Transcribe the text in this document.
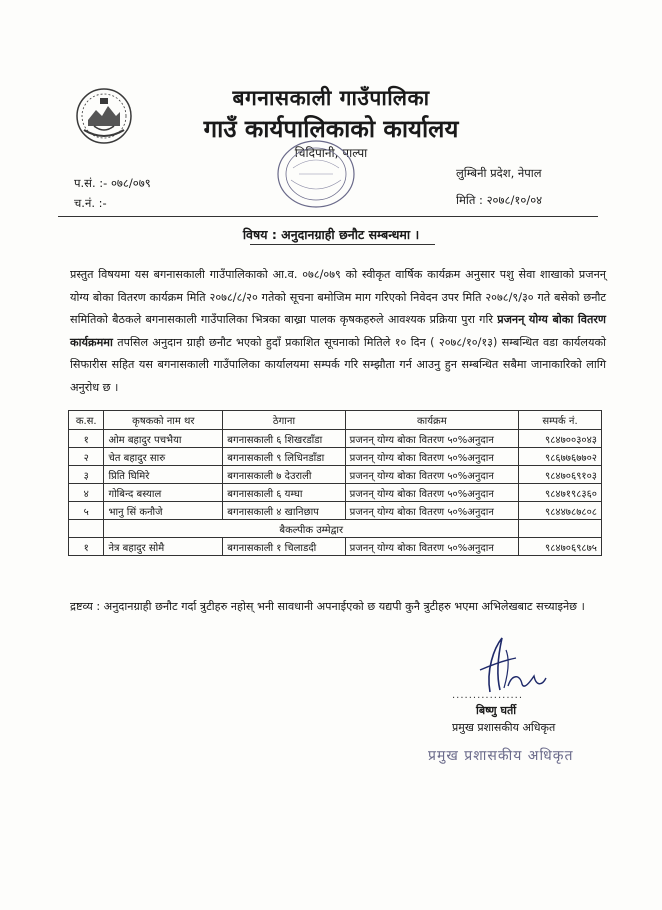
बगनासकाली गाउँपालिका
गाउँ कार्यपालिकाको कार्यालय
चिदिपानी, पाल्पा
प.सं. :- ०७८/०७९
च.नं. :-
लुम्बिनी प्रदेश, नेपाल
मिति : २०७८/१०/०४
विषय : अनुदानग्राही छनौट सम्बन्धमा ।
प्रस्तुत विषयमा यस बगनासकाली गाउँपालिकाको आ.व. ०७८/०७९ को स्वीकृत वार्षिक कार्यक्रम अनुसार पशु सेवा शाखाको प्रजनन् योग्य बोका वितरण कार्यक्रम मिति २०७८/८/२० गतेको सूचना बमोजिम माग गरिएको निवेदन उपर मिति २०७८/९/३० गते बसेको छनौट समितिको बैठकले बगनासकाली गाउँपालिका भित्रका बाख्रा पालक कृषकहरुले आवश्यक प्रक्रिया पुरा गरि प्रजनन् योग्य बोका वितरण कार्यक्रममा तपसिल अनुदान ग्राही छनौट भएको हुदाँ प्रकाशित सूचनाको मितिले १० दिन ( २०७८/१०/१३) सम्बन्धित वडा कार्यलयको सिफारीस सहित यस बगनासकाली गाउँपालिका कार्यालयमा सम्पर्क गरि सम्झौता गर्न आउनु हुन सम्बन्धित सबैमा जानाकारिको लागि अनुरोध छ ।
क.स.	कृषकको नाम थर	ठेगाना	कार्यक्रम	सम्पर्क नं.
१	ओम बहादुर पचभैया	बगनासकाली ६ शिखरडाँडा	प्रजनन् योग्य बोका वितरण ५०%अनुदान	९८४७००३०४३
२	चेत बहादुर सारु	बगनासकाली ९ लिधिनडाँडा	प्रजनन् योग्य बोका वितरण ५०%अनुदान	९८६७७६७७०२
३	प्रिति घिमिरे	बगनासकाली ७ देउराली	प्रजनन् योग्य बोका वितरण ५०%अनुदान	९८४७०६९१०३
४	गोबिन्द बस्याल	बगनासकाली ६ यम्घा	प्रजनन् योग्य बोका वितरण ५०%अनुदान	९८४७१९८३६०
५	भानु सिं कनौजे	बगनासकाली ४ खानिछाप	प्रजनन् योग्य बोका वितरण ५०%अनुदान	९८४४७८७८०८
	बैकल्पीक उम्मेद्वार			
१	नेत्र बहादुर सोमै	बगनासकाली १ चिलाडदी	प्रजनन् योग्य बोका वितरण ५०%अनुदान	९८४७०६९८७५
द्रष्टव्य : अनुदानग्राही छनौट गर्दा त्रुटीहरु नहोस् भनी सावधानी अपनाईएको छ यद्यपी कुनै त्रुटीहरु भएमा अभिलेखबाट सच्याइनेछ ।
.................
बिष्णु घर्ती
प्रमुख प्रशासकीय अधिकृत
प्रमुख प्रशासकीय अधिकृत
